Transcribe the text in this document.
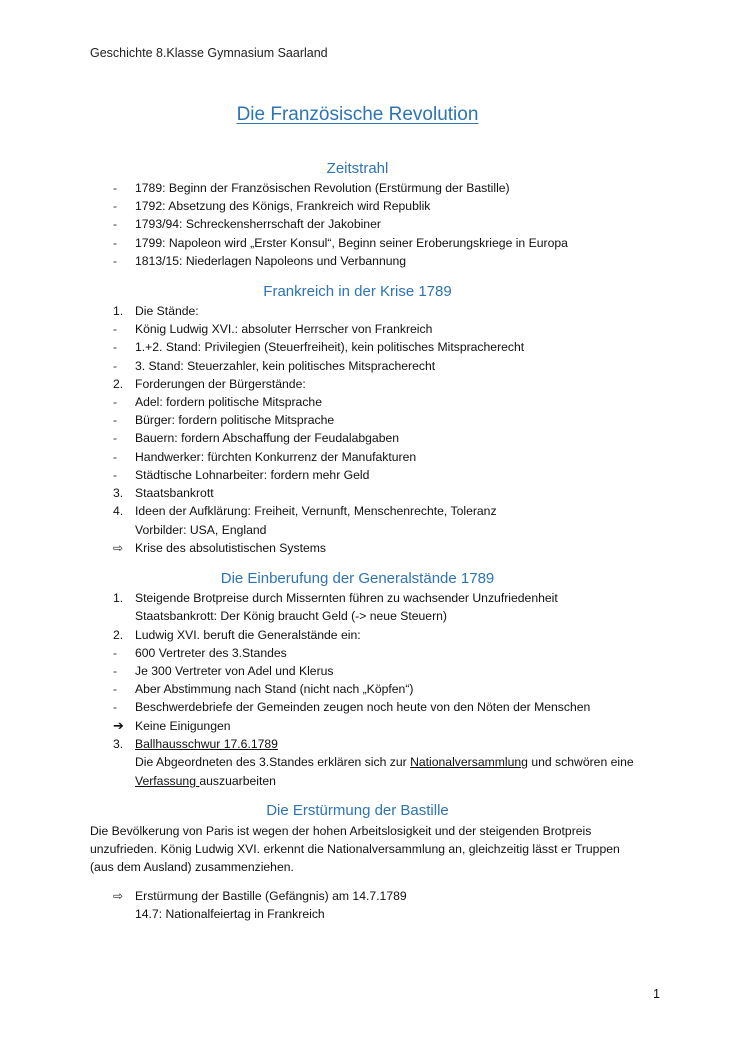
Geschichte 8.Klasse Gymnasium Saarland
Die Französische Revolution
Zeitstrahl
-	1789: Beginn der Französischen Revolution (Erstürmung der Bastille)
-	1792: Absetzung des Königs, Frankreich wird Republik
-	1793/94: Schreckensherrschaft der Jakobiner
-	1799: Napoleon wird „Erster Konsul“, Beginn seiner Eroberungskriege in Europa
-	1813/15: Niederlagen Napoleons und Verbannung
Frankreich in der Krise 1789
1. Die Stände:
-	König Ludwig XVI.: absoluter Herrscher von Frankreich
-	1.+2. Stand: Privilegien (Steuerfreiheit), kein politisches Mitspracherecht
-	3. Stand: Steuerzahler, kein politisches Mitspracherecht
2. Forderungen der Bürgerstände:
-	Adel: fordern politische Mitsprache
-	Bürger: fordern politische Mitsprache
-	Bauern: fordern Abschaffung der Feudalabgaben
-	Handwerker: fürchten Konkurrenz der Manufakturen
-	Städtische Lohnarbeiter: fordern mehr Geld
3. Staatsbankrott
4. Ideen der Aufklärung: Freiheit, Vernunft, Menschenrechte, Toleranz
Vorbilder: USA, England
⇨ Krise des absolutistischen Systems
Die Einberufung der Generalstände 1789
1. Steigende Brotpreise durch Missernten führen zu wachsender Unzufriedenheit
Staatsbankrott: Der König braucht Geld (-> neue Steuern)
2. Ludwig XVI. beruft die Generalstände ein:
-	600 Vertreter des 3.Standes
-	Je 300 Vertreter von Adel und Klerus
-	Aber Abstimmung nach Stand (nicht nach „Köpfen“)
-	Beschwerdebriefe der Gemeinden zeugen noch heute von den Nöten der Menschen
➔ Keine Einigungen
3. Ballhausschwur 17.6.1789
Die Abgeordneten des 3.Standes erklären sich zur Nationalversammlung und schwören eine
Verfassung auszuarbeiten
Die Erstürmung der Bastille
Die Bevölkerung von Paris ist wegen der hohen Arbeitslosigkeit und der steigenden Brotpreis
unzufrieden. König Ludwig XVI. erkennt die Nationalversammlung an, gleichzeitig lässt er Truppen
(aus dem Ausland) zusammenziehen.
⇨ Erstürmung der Bastille (Gefängnis) am 14.7.1789
14.7: Nationalfeiertag in Frankreich
1
